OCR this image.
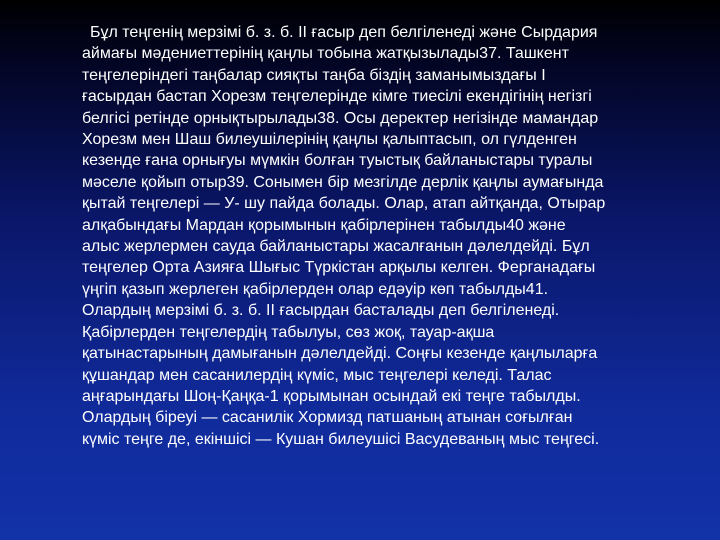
Бұл теңгенің мерзімі б. з. б. ІІ ғасыр деп белгіленеді және Сырдария
аймағы мәдениеттерінің қаңлы тобына жатқызылады37. Ташкент
теңгелеріндегі таңбалар сияқты таңба біздің заманымыздағы І
ғасырдан бастап Хорезм теңгелерінде кімге тиесілі екендігінің негізгі
белгісі ретінде орнықтырылады38. Осы деректер негізінде мамандар
Хорезм мен Шаш билеушілерінің қаңлы қалыптасып, ол гүлденген
кезенде ғана орнығуы мүмкін болған туыстық байланыстары туралы
мәселе қойып отыр39. Сонымен бір мезгілде дерлік қаңлы аумағында
қытай теңгелері — У- шу пайда болады. Олар, атап айтқанда, Отырар
алқабындағы Мардан қорымынын қабірлерінен табылды40 және
алыс жерлермен сауда байланыстары жасалғанын дәлелдейді. Бұл
теңгелер Орта Азияға Шығыс Түркістан арқылы келген. Ферганадағы
үңгіп қазып жерлеген қабірлерден олар едәуір көп табылды41.
Олардың мерзімі б. з. б. ІІ ғасырдан басталады деп белгіленеді.
Қабірлерден теңгелердің табылуы, сөз жоқ, тауар-ақша
қатынастарының дамығанын дәлелдейді. Соңғы кезенде қаңлыларға
құшандар мен сасанилердің күміс, мыс теңгелері келеді. Талас
аңғарындағы Шоң-Қаңқа-1 қорымынан осындай екі теңге табылды.
Олардың біреуі — сасанилік Хормизд патшаның атынан соғылған
күміс теңге де, екіншісі — Кушан билеушісі Васудеваның мыс теңгесі.
